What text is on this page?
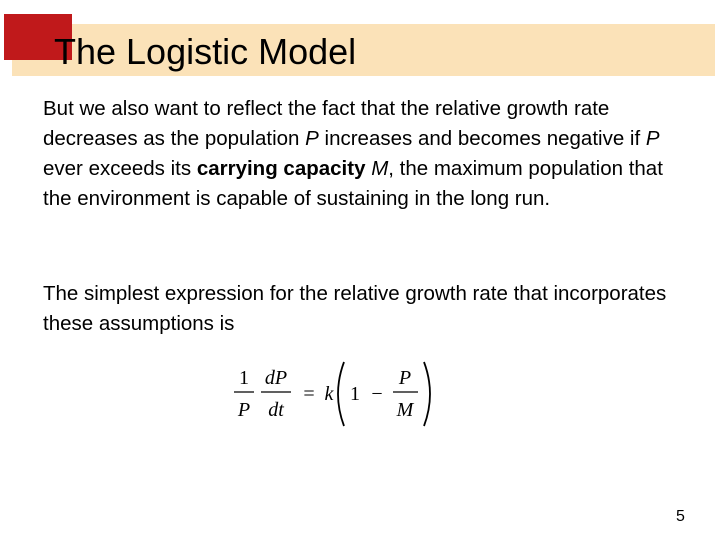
The Logistic Model

But we also want to reflect the fact that the relative growth rate decreases as the population P increases and becomes negative if P ever exceeds its carrying capacity M, the maximum population that the environment is capable of sustaining in the long run.

The simplest expression for the relative growth rate that incorporates these assumptions is

1
P
dP
dt
= k 1 −
P
M
5
